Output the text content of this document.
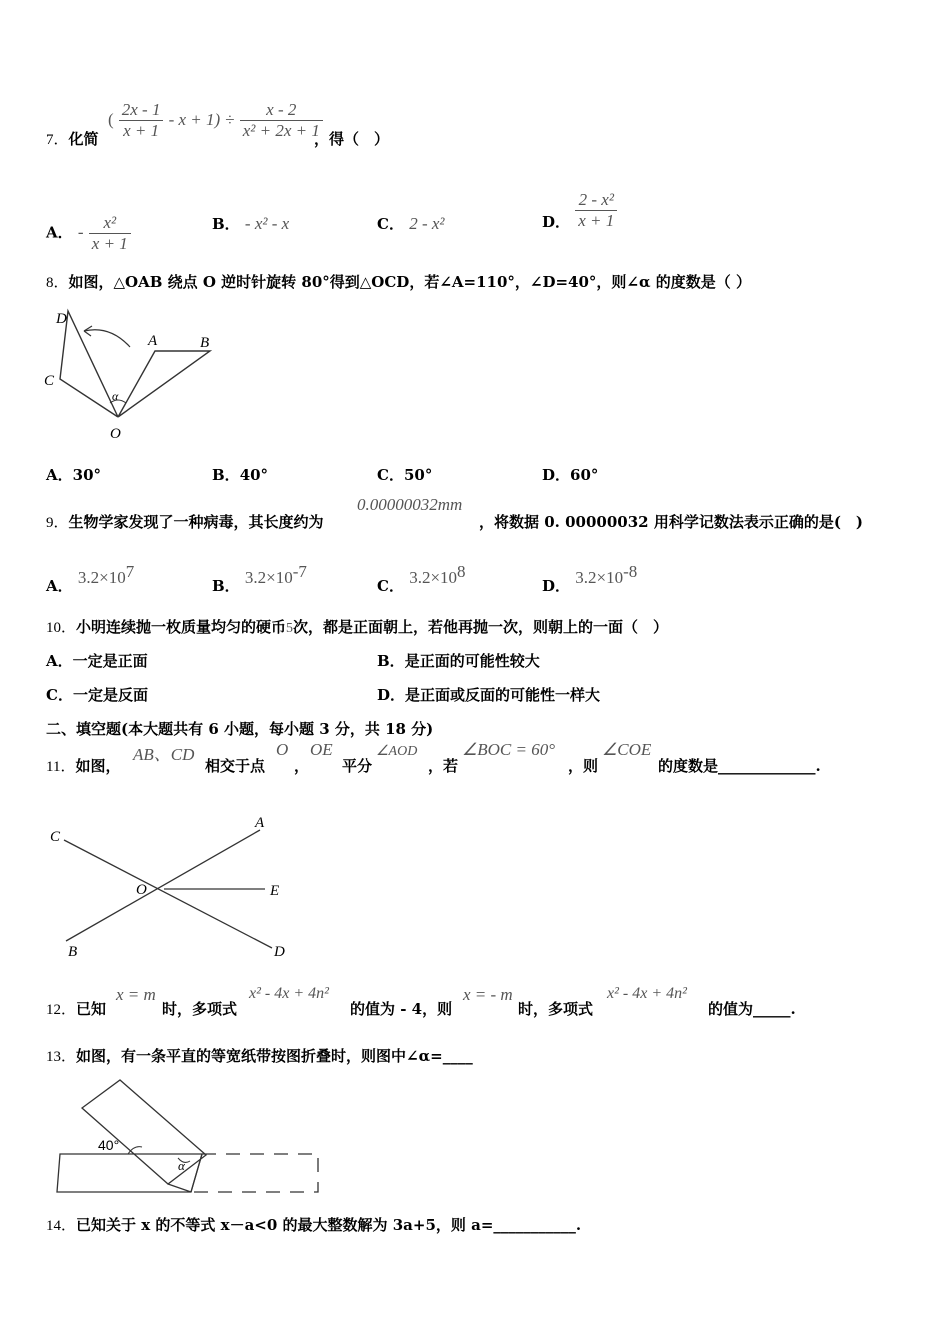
7．化简
( $\frac{2x - 1}{x + 1} - x + 1) \div \frac{x - 2}{\text{x² + 2x + 1}}$
，得（　）
A． - $\frac{\text{x²}}{x + 1}$	B． - x² - x	C． 2 - x²	D． $\frac{\text{2 - x²}}{x + 1}$
8．如图，△OAB 绕点 O 逆时针旋转 80°得到△OCD，若∠A=110°，∠D=40°，则∠α 的度数是（ ）
D
A	B
C
O
α
A．30°	B．40°	C．50°	D．60°
9．生物学家发现了一种病毒，其长度约为
0.00000032mm
，将数据 0. 00000032 用科学记数法表示正确的是(　)
A． $3.2\times 10^7$
B． $3.2\times 10^{-7}$
C． $3.2\times 10^8$
D． $3.2\times 10^{-8}$
10．小明连续抛一枚质量均匀的硬币5次，都是正面朝上，若他再抛一次，则朝上的一面（　）
A．一定是正面	B．是正面的可能性较大
C．一定是反面	D．是正面或反面的可能性一样大
二、填空题(本大题共有 6 小题，每小题 3 分，共 18 分)
11．如图，
AB、CD
相交于点
O
，
OE
平分
∠AOD
，若
∠BOC = 60°
，则
∠COE
的度数是_____________.
C
A
O	E
B	D
12．已知
x = m
时，多项式
x² - 4x + 4n²
的值为 - 4，则
x = - m
时，多项式
x² - 4x + 4n²
的值为_____.
13．如图，有一条平直的等宽纸带按图折叠时，则图中∠α=____
40°
α
14．已知关于 x 的不等式 x－a<0 的最大整数解为 3a+5，则 a=___________.
